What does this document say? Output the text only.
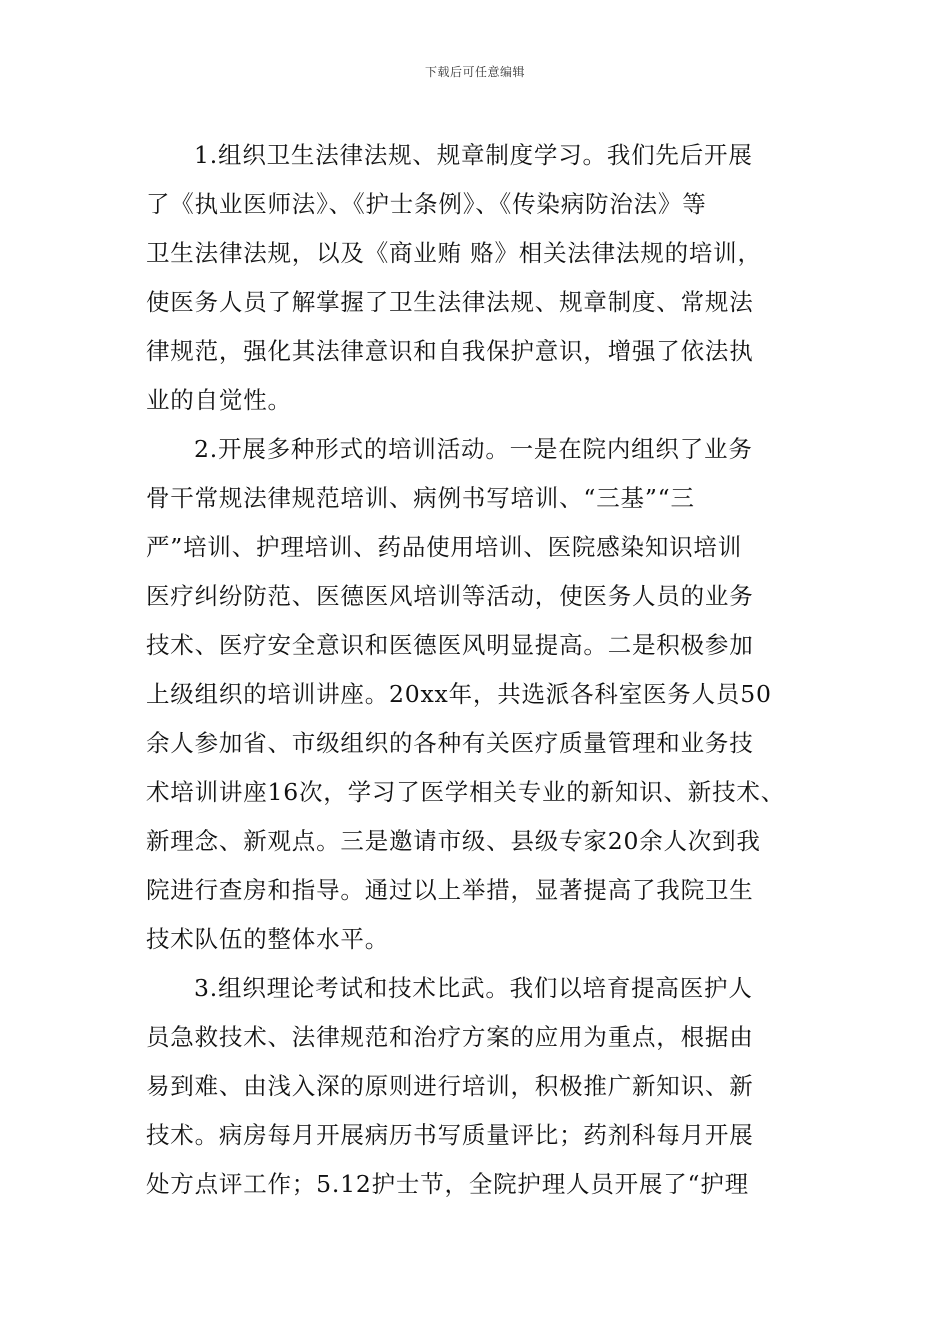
下载后可任意编辑
1.组织卫生法律法规、规章制度学习。我们先后开展
了《执业医师法》、《护士条例》、《传染病防治法》等
卫生法律法规，以及《商业贿 赂》相关法律法规的培训，
使医务人员了解掌握了卫生法律法规、规章制度、常规法
律规范，强化其法律意识和自我保护意识，增强了依法执
业的自觉性。
2.开展多种形式的培训活动。一是在院内组织了业务
骨干常规法律规范培训、病例书写培训、“三基”“三
严”培训、护理培训、药品使用培训、医院感染知识培训
医疗纠纷防范、医德医风培训等活动，使医务人员的业务
技术、医疗安全意识和医德医风明显提高。二是积极参加
上级组织的培训讲座。20xx年，共选派各科室医务人员50
余人参加省、市级组织的各种有关医疗质量管理和业务技
术培训讲座16次，学习了医学相关专业的新知识、新技术、
新理念、新观点。三是邀请市级、县级专家20余人次到我
院进行查房和指导。通过以上举措，显著提高了我院卫生
技术队伍的整体水平。
3.组织理论考试和技术比武。我们以培育提高医护人
员急救技术、法律规范和治疗方案的应用为重点，根据由
易到难、由浅入深的原则进行培训，积极推广新知识、新
技术。病房每月开展病历书写质量评比；药剂科每月开展
处方点评工作；5.12护士节，全院护理人员开展了“护理
